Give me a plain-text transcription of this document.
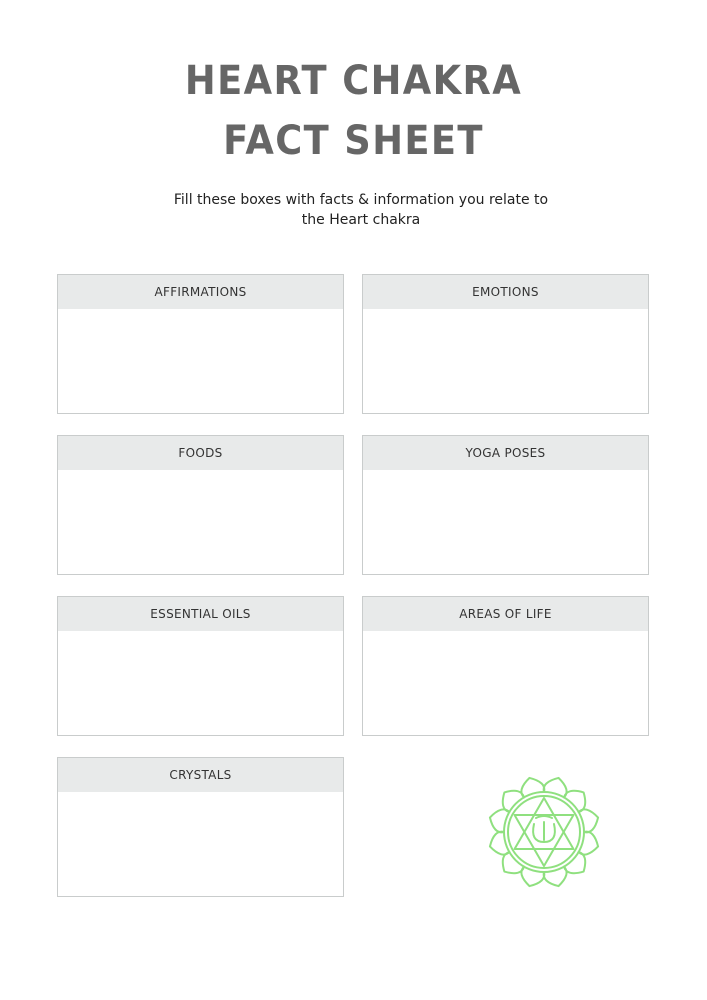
HEART CHAKRA
FACT SHEET
Fill these boxes with facts & information you relate to
the Heart chakra
AFFIRMATIONS	EMOTIONS
FOODS	YOGA POSES
ESSENTIAL OILS	AREAS OF LIFE
CRYSTALS
